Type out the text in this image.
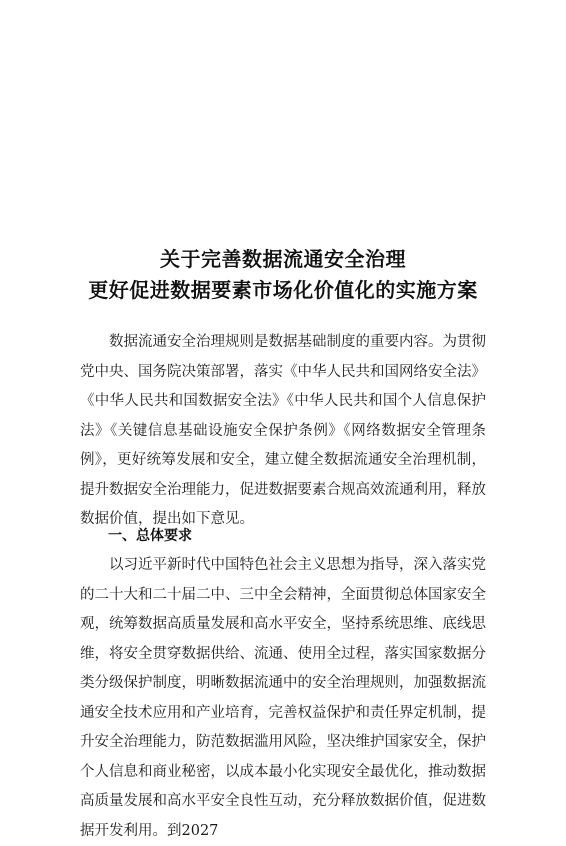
关于完善数据流通安全治理
更好促进数据要素市场化价值化的实施方案
数据流通安全治理规则是数据基础制度的重要内容。为贯彻党中央、国务院决策部署，落实《中华人民共和国网络安全法》《中华人民共和国数据安全法》《中华人民共和国个人信息保护法》《关键信息基础设施安全保护条例》《网络数据安全管理条例》，更好统筹发展和安全，建立健全数据流通安全治理机制，提升数据安全治理能力，促进数据要素合规高效流通利用，释放数据价值，提出如下意见。
一、总体要求
以习近平新时代中国特色社会主义思想为指导，深入落实党的二十大和二十届二中、三中全会精神，全面贯彻总体国家安全观，统筹数据高质量发展和高水平安全，坚持系统思维、底线思维，将安全贯穿数据供给、流通、使用全过程，落实国家数据分类分级保护制度，明晰数据流通中的安全治理规则，加强数据流通安全技术应用和产业培育，完善权益保护和责任界定机制，提升安全治理能力，防范数据滥用风险，坚决维护国家安全，保护个人信息和商业秘密，以成本最小化实现安全最优化，推动数据高质量发展和高水平安全良性互动，充分释放数据价值，促进数据开发利用。到2027
